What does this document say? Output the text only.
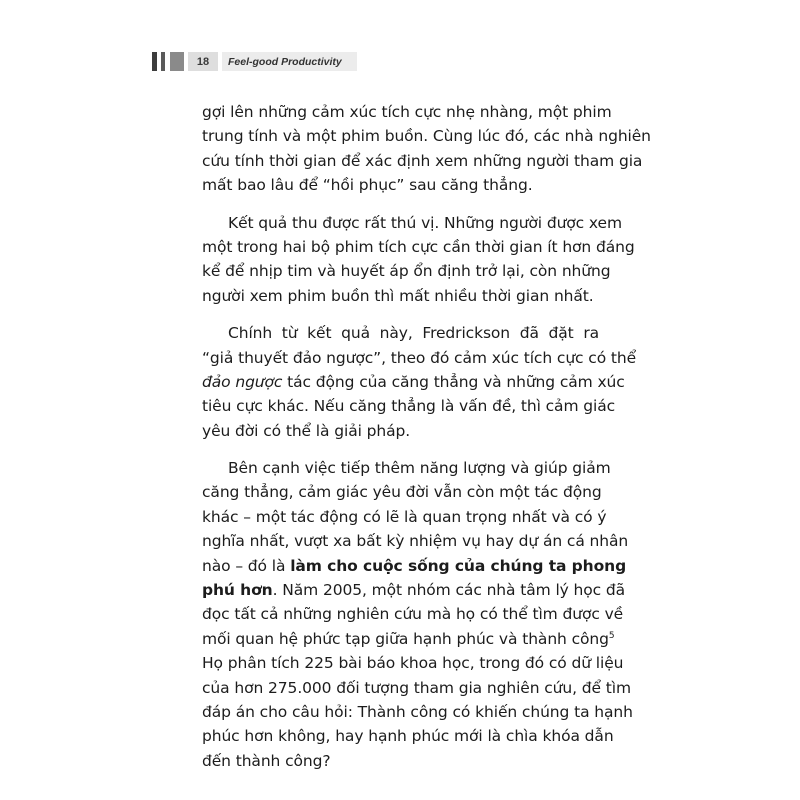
18	Feel-good Productivity
gợi lên những cảm xúc tích cực nhẹ nhàng, một phim
trung tính và một phim buồn. Cùng lúc đó, các nhà nghiên
cứu tính thời gian để xác định xem những người tham gia
mất bao lâu để “hồi phục” sau căng thẳng.
Kết quả thu được rất thú vị. Những người được xem
một trong hai bộ phim tích cực cần thời gian ít hơn đáng
kể để nhịp tim và huyết áp ổn định trở lại, còn những
người xem phim buồn thì mất nhiều thời gian nhất.
Chính từ kết quả này, Fredrickson đã đặt ra
“giả thuyết đảo ngược”, theo đó cảm xúc tích cực có thể
đảo ngược tác động của căng thẳng và những cảm xúc
tiêu cực khác. Nếu căng thẳng là vấn đề, thì cảm giác
yêu đời có thể là giải pháp.
Bên cạnh việc tiếp thêm năng lượng và giúp giảm
căng thẳng, cảm giác yêu đời vẫn còn một tác động
khác – một tác động có lẽ là quan trọng nhất và có ý
nghĩa nhất, vượt xa bất kỳ nhiệm vụ hay dự án cá nhân
nào – đó là làm cho cuộc sống của chúng ta phong
phú hơn. Năm 2005, một nhóm các nhà tâm lý học đã
đọc tất cả những nghiên cứu mà họ có thể tìm được về
mối quan hệ phức tạp giữa hạnh phúc và thành công$^5$
Họ phân tích 225 bài báo khoa học, trong đó có dữ liệu
của hơn 275.000 đối tượng tham gia nghiên cứu, để tìm
đáp án cho câu hỏi: Thành công có khiến chúng ta hạnh
phúc hơn không, hay hạnh phúc mới là chìa khóa dẫn
đến thành công?
